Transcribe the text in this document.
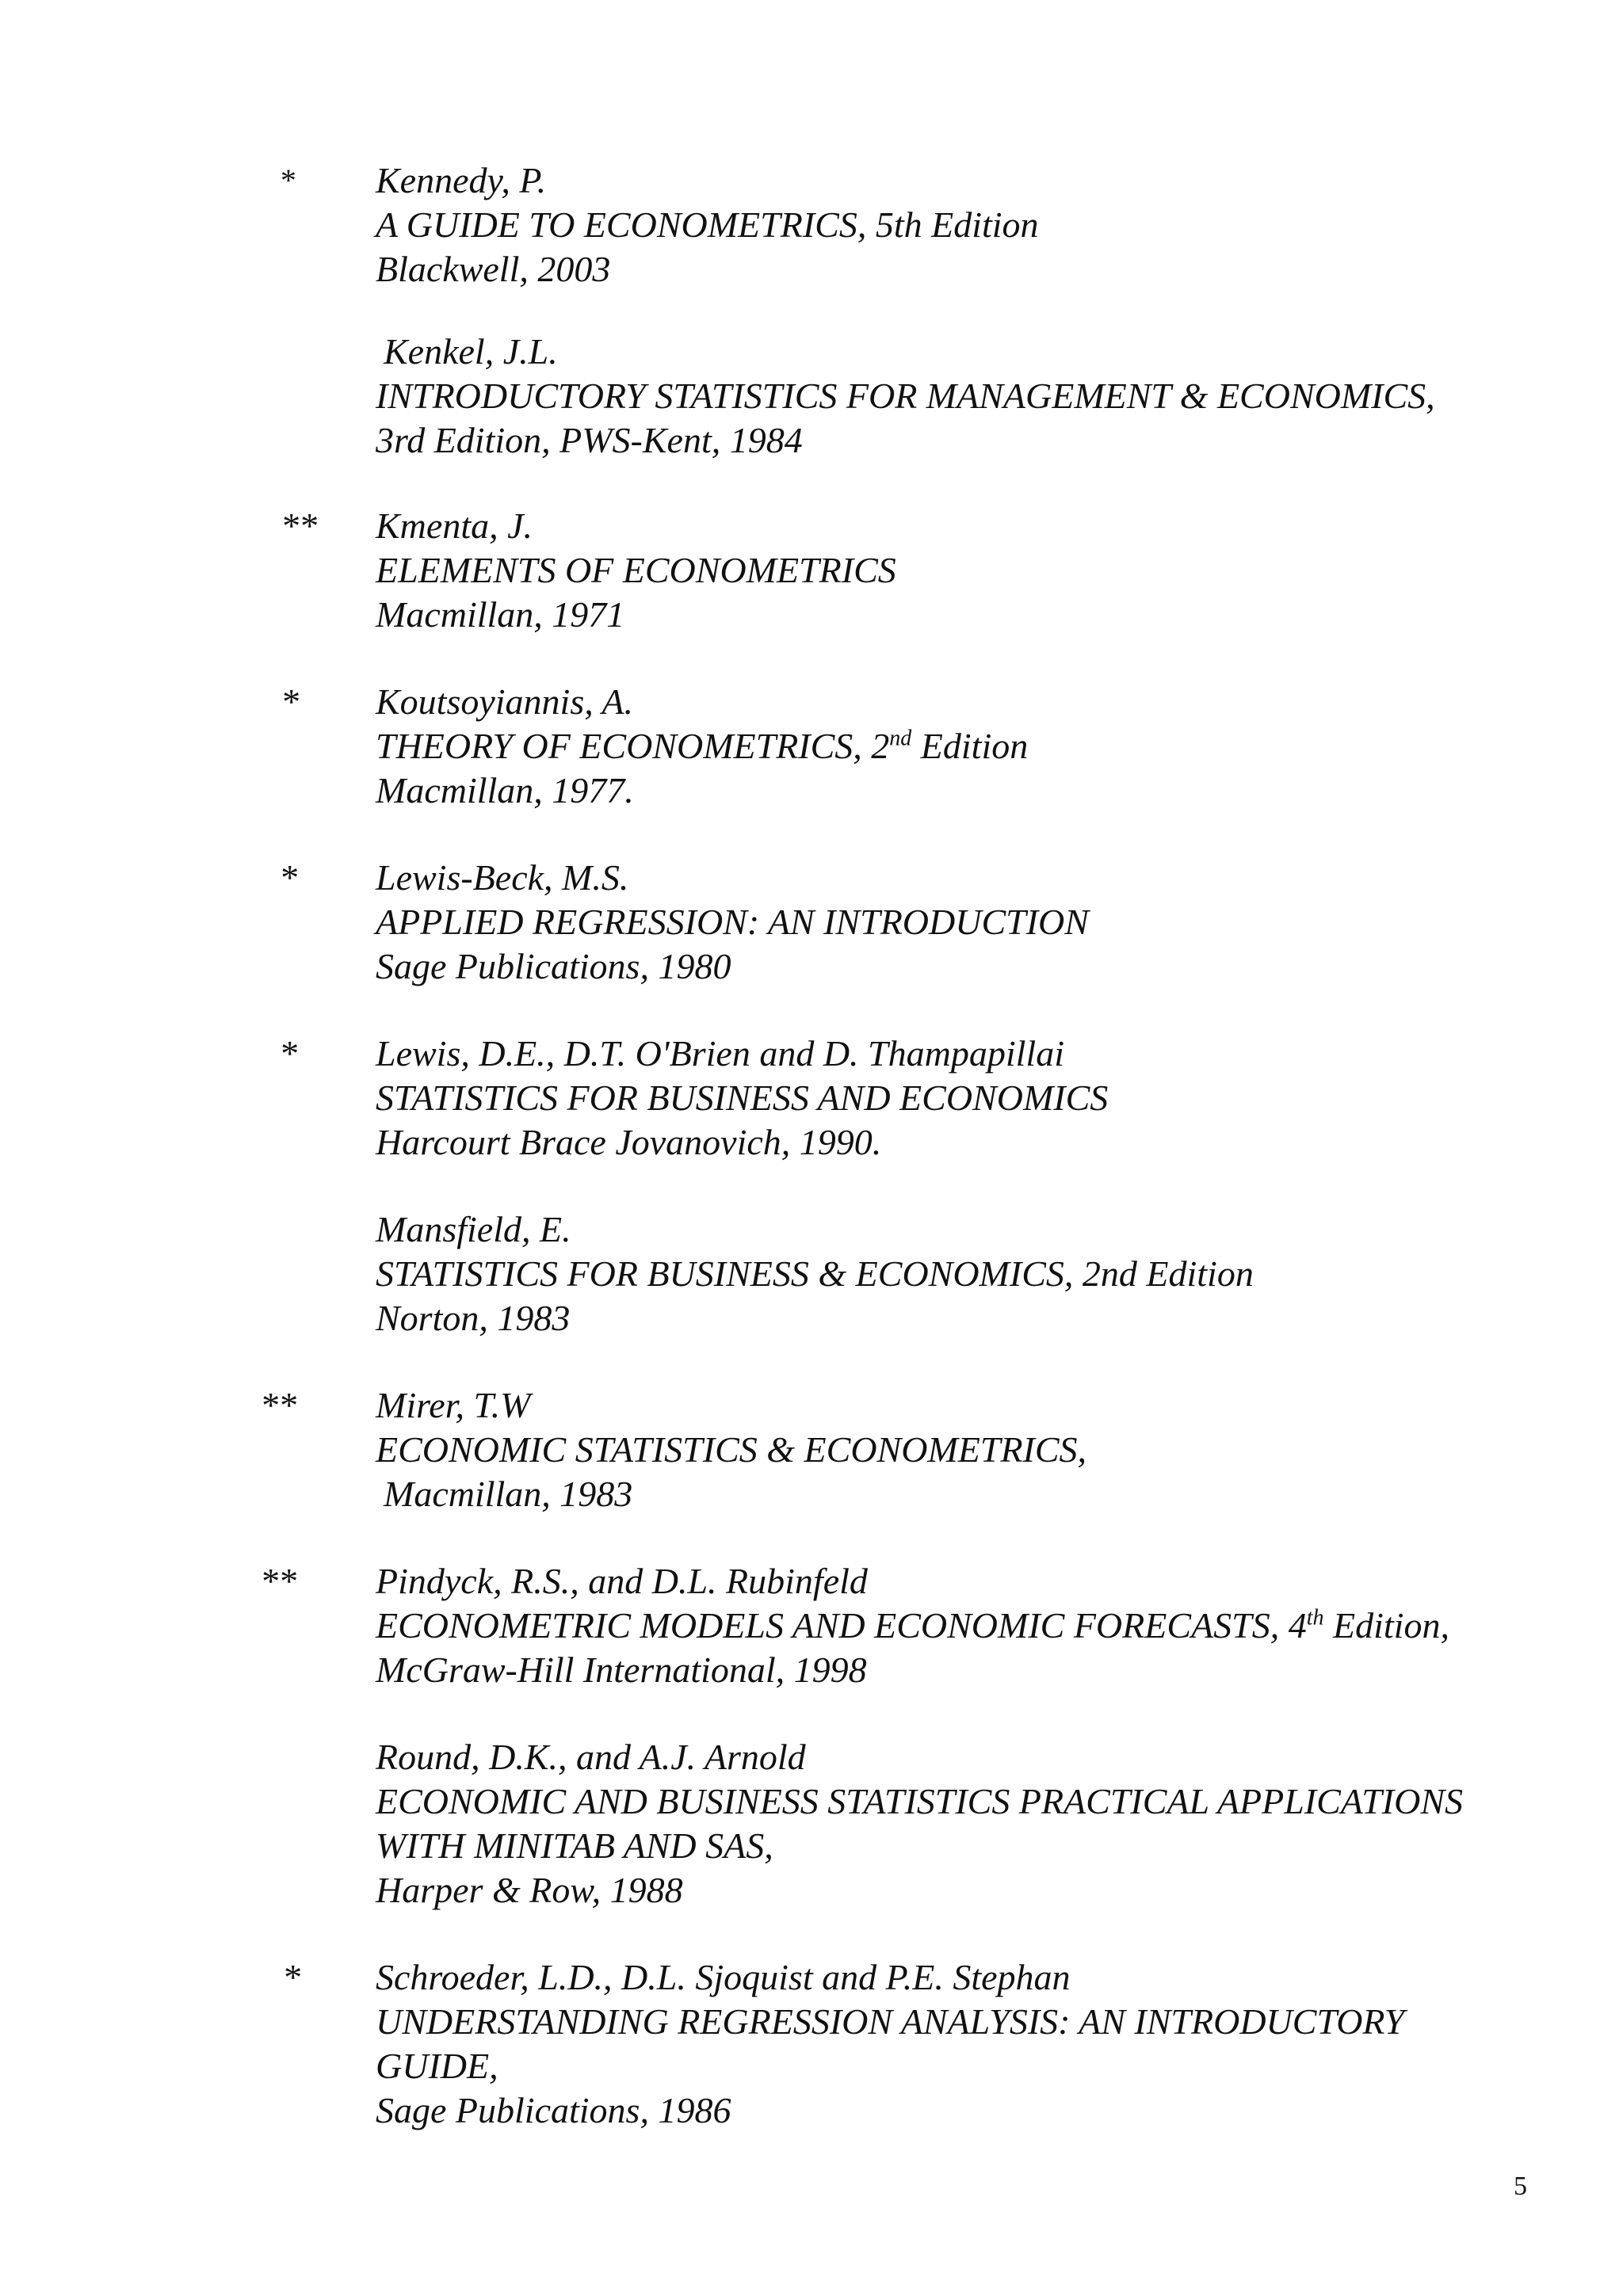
* Kennedy, P.
A GUIDE TO ECONOMETRICS, 5th Edition
Blackwell, 2003
Kenkel, J.L.
INTRODUCTORY STATISTICS FOR MANAGEMENT & ECONOMICS,
3rd Edition, PWS-Kent, 1984
** Kmenta, J.
ELEMENTS OF ECONOMETRICS
Macmillan, 1971
* Koutsoyiannis, A.
THEORY OF ECONOMETRICS, 2nd Edition
Macmillan, 1977.
* Lewis-Beck, M.S.
APPLIED REGRESSION: AN INTRODUCTION
Sage Publications, 1980
* Lewis, D.E., D.T. O'Brien and D. Thampapillai
STATISTICS FOR BUSINESS AND ECONOMICS
Harcourt Brace Jovanovich, 1990.
Mansfield, E.
STATISTICS FOR BUSINESS & ECONOMICS, 2nd Edition
Norton, 1983
** Mirer, T.W
ECONOMIC STATISTICS & ECONOMETRICS,
Macmillan, 1983
** Pindyck, R.S., and D.L. Rubinfeld
ECONOMETRIC MODELS AND ECONOMIC FORECASTS, 4th Edition,
McGraw-Hill International, 1998
Round, D.K., and A.J. Arnold
ECONOMIC AND BUSINESS STATISTICS PRACTICAL APPLICATIONS
WITH MINITAB AND SAS,
Harper & Row, 1988
* Schroeder, L.D., D.L. Sjoquist and P.E. Stephan
UNDERSTANDING REGRESSION ANALYSIS: AN INTRODUCTORY
GUIDE,
Sage Publications, 1986
5
